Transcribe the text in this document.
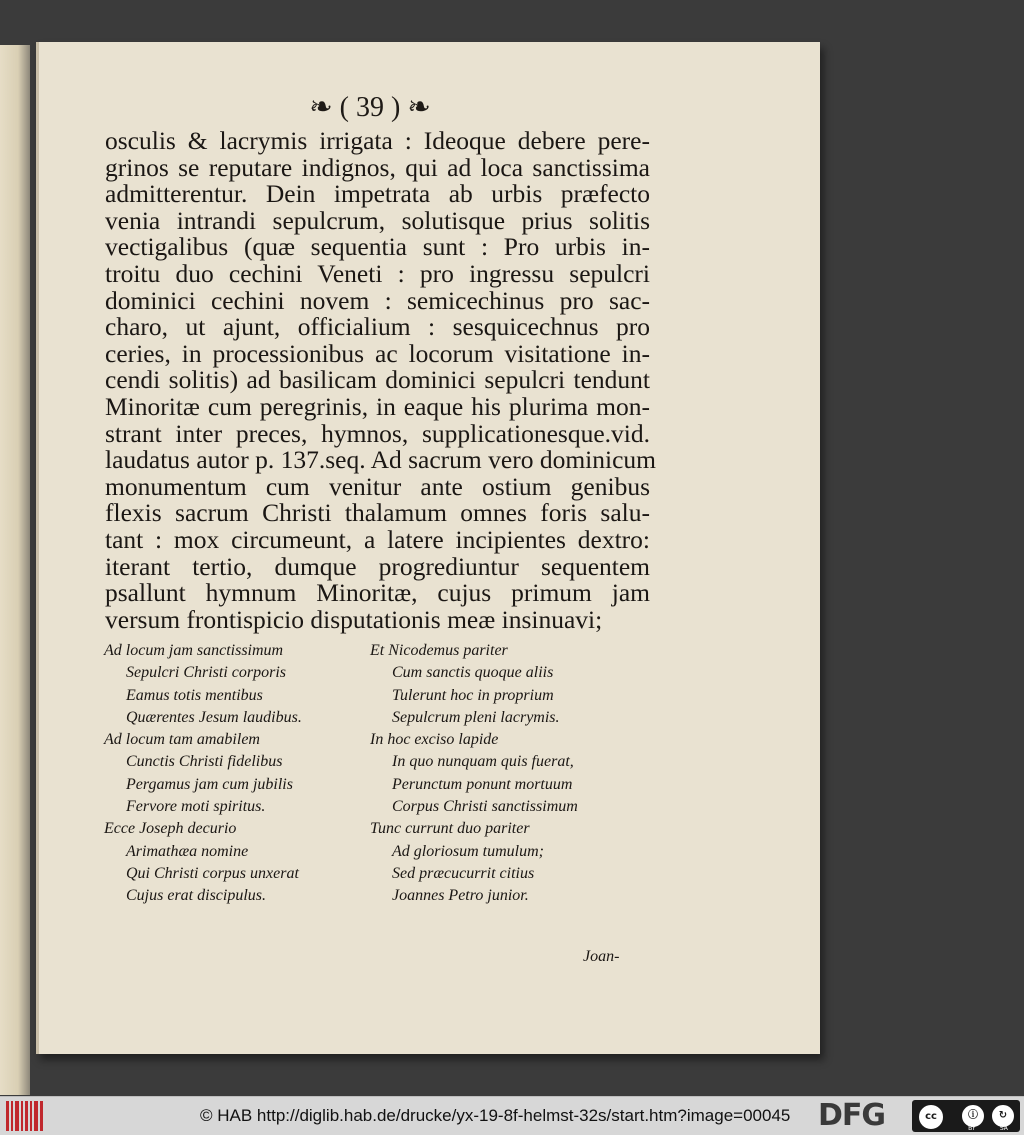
❧ ( 39 ) ❧
osculis & lacrymis irrigata : Ideoque debere pere-
grinos se reputare indignos, qui ad loca sanctissima
admitterentur. Dein impetrata ab urbis præfecto
venia intrandi sepulcrum, solutisque prius solitis
vectigalibus (quæ sequentia sunt : Pro urbis in-
troitu duo cechini Veneti : pro ingressu sepulcri
dominici cechini novem : semicechinus pro sac-
charo, ut ajunt, officialium : sesquicechnus pro
ceries, in processionibus ac locorum visitatione in-
cendi solitis) ad basilicam dominici sepulcri tendunt
Minoritæ cum peregrinis, in eaque his plurima mon-
strant inter preces, hymnos, supplicationesque.vid.
laudatus autor p. 137.seq. Ad sacrum vero dominicum
monumentum cum venitur ante ostium genibus
flexis sacrum Christi thalamum omnes foris salu-
tant : mox circumeunt, a latere incipientes dextro:
iterant tertio, dumque progrediuntur sequentem
psallunt hymnum Minoritæ, cujus primum jam
versum frontispicio disputationis meæ insinuavi;
Ad locum jam sanctissimum
Sepulcri Christi corporis
Eamus totis mentibus
Quærentes Jesum laudibus.
Ad locum tam amabilem
Cunctis Christi fidelibus
Pergamus jam cum jubilis
Fervore moti spiritus.
Ecce Joseph decurio
Arimathæa nomine
Qui Christi corpus unxerat
Cujus erat discipulus.
Et Nicodemus pariter
Cum sanctis quoque aliis
Tulerunt hoc in proprium
Sepulcrum pleni lacrymis.
In hoc exciso lapide
In quo nunquam quis fuerat,
Perunctum ponunt mortuum
Corpus Christi sanctissimum
Tunc currunt duo pariter
Ad gloriosum tumulum;
Sed præcucurrit citius
Joannes Petro junior.
Joan-
© HAB http://diglib.hab.de/drucke/yx-19-8f-helmst-32s/start.htm?image=00045 DFG	cc	ⓘ	↻
BY	SA
